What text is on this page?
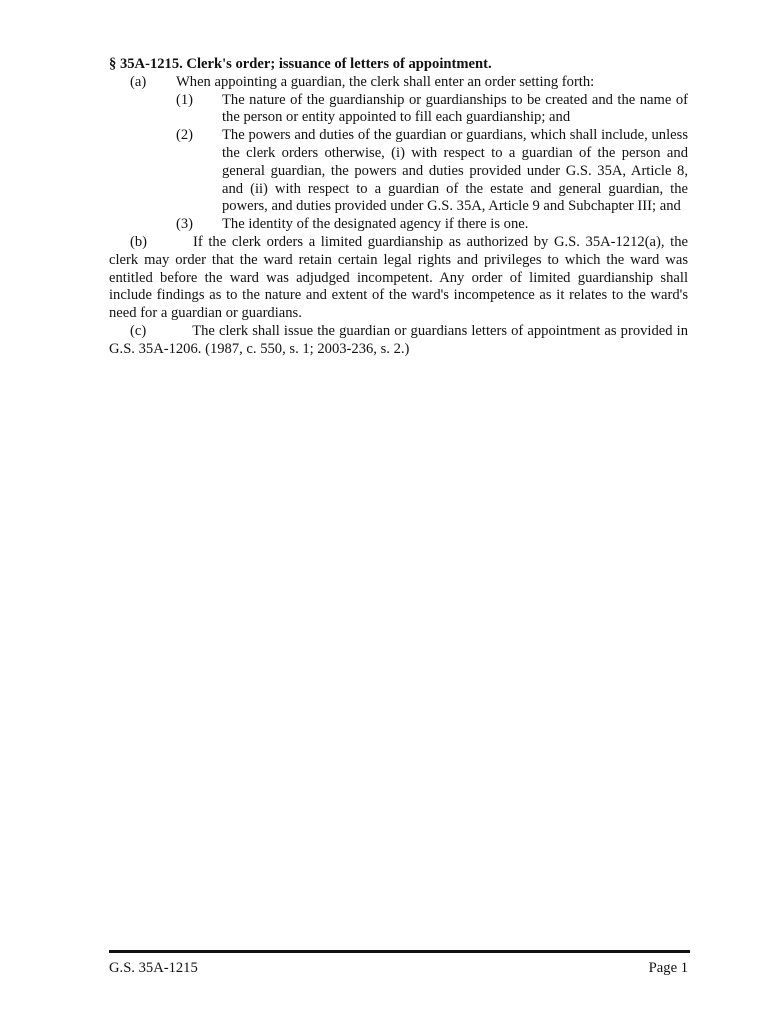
§ 35A-1215. Clerk's order; issuance of letters of appointment.
(a) When appointing a guardian, the clerk shall enter an order setting forth:
(1) The nature of the guardianship or guardianships to be created and the name of the person or entity appointed to fill each guardianship; and
(2) The powers and duties of the guardian or guardians, which shall include, unless the clerk orders otherwise, (i) with respect to a guardian of the person and general guardian, the powers and duties provided under G.S. 35A, Article 8, and (ii) with respect to a guardian of the estate and general guardian, the powers, and duties provided under G.S. 35A, Article 9 and Subchapter III; and
(3) The identity of the designated agency if there is one.

(b)	If the clerk orders a limited guardianship as authorized by G.S. 35A-1212(a), the clerk may order that the ward retain certain legal rights and privileges to which the ward was entitled before the ward was adjudged incompetent. Any order of limited guardianship shall include findings as to the nature and extent of the ward's incompetence as it relates to the ward's need for a guardian or guardians.

(c)	The clerk shall issue the guardian or guardians letters of appointment as provided in G.S. 35A-1206. (1987, c. 550, s. 1; 2003-236, s. 2.)

G.S. 35A-1215	Page 1
